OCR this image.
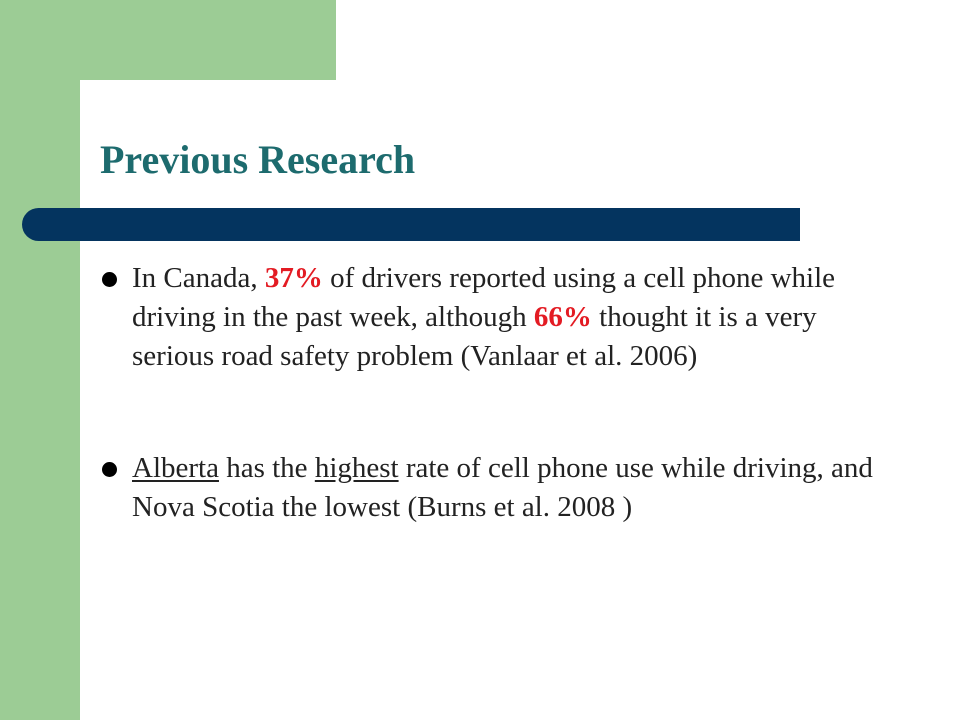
Previous Research
In Canada, 37% of drivers reported using a cell phone while driving in the past week, although 66% thought it is a very serious road safety problem (Vanlaar et al. 2006)
Alberta has the highest rate of cell phone use while driving, and Nova Scotia the lowest (Burns et al. 2008 )
